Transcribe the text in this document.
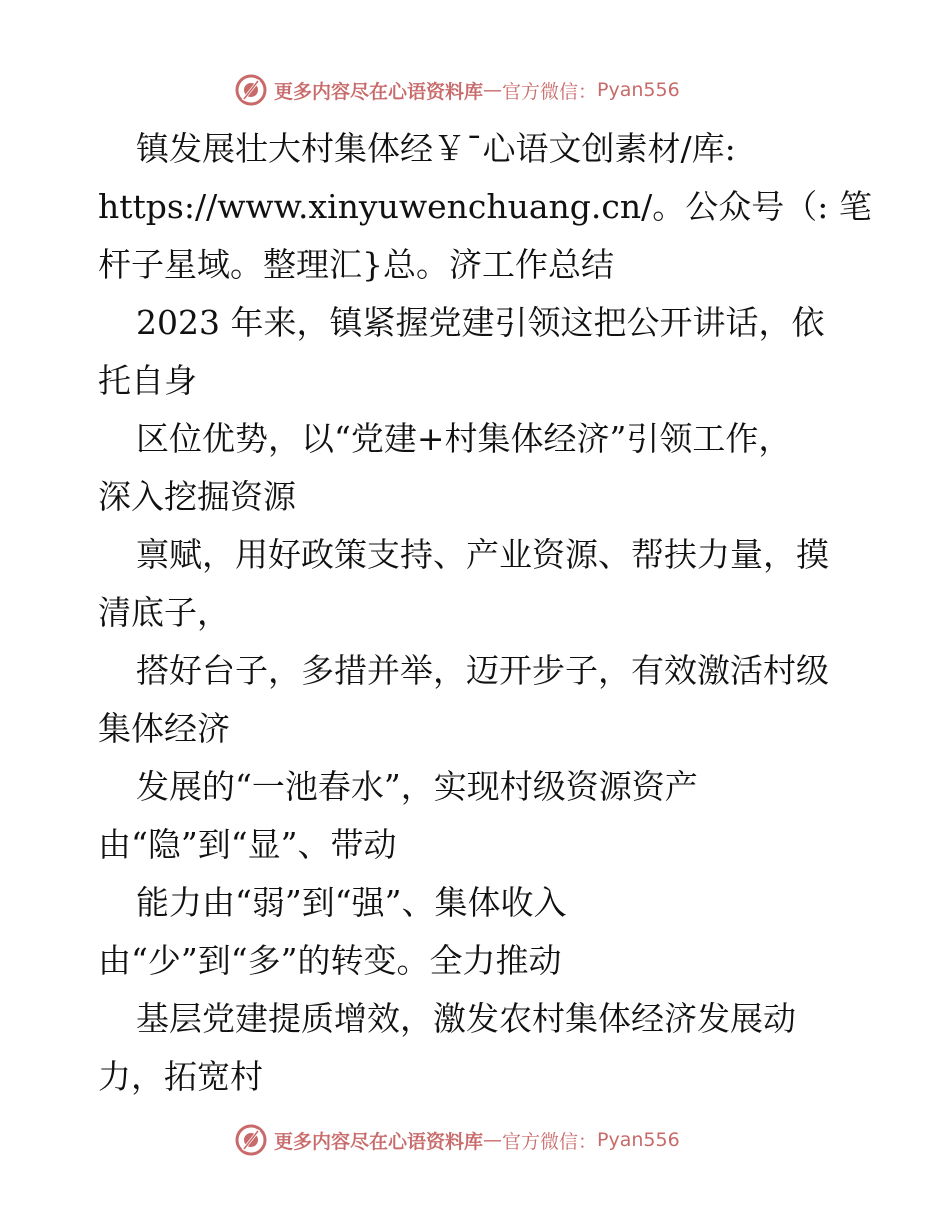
更多内容尽在心语资料库 — 官方微信： Pyan556
镇发展壮大村集体经￥¯心语文创素材/库:
https://www.xinyuwenchuang.cn/。公众号（: 笔
杆子星域。整理汇}总。济工作总结
2023 年来，镇紧握党建引领这把公开讲话，依
托自身
区位优势，以“党建+村集体经济”引领工作，
深入挖掘资源
禀赋，用好政策支持、产业资源、帮扶力量，摸
清底子，
搭好台子，多措并举，迈开步子，有效激活村级
集体经济
发展的“一池春水”，实现村级资源资产
由“隐”到“显”、带动
能力由“弱”到“强”、集体收入
由“少”到“多”的转变。全力推动
基层党建提质增效，激发农村集体经济发展动
力，拓宽村
更多内容尽在心语资料库 — 官方微信： Pyan556
